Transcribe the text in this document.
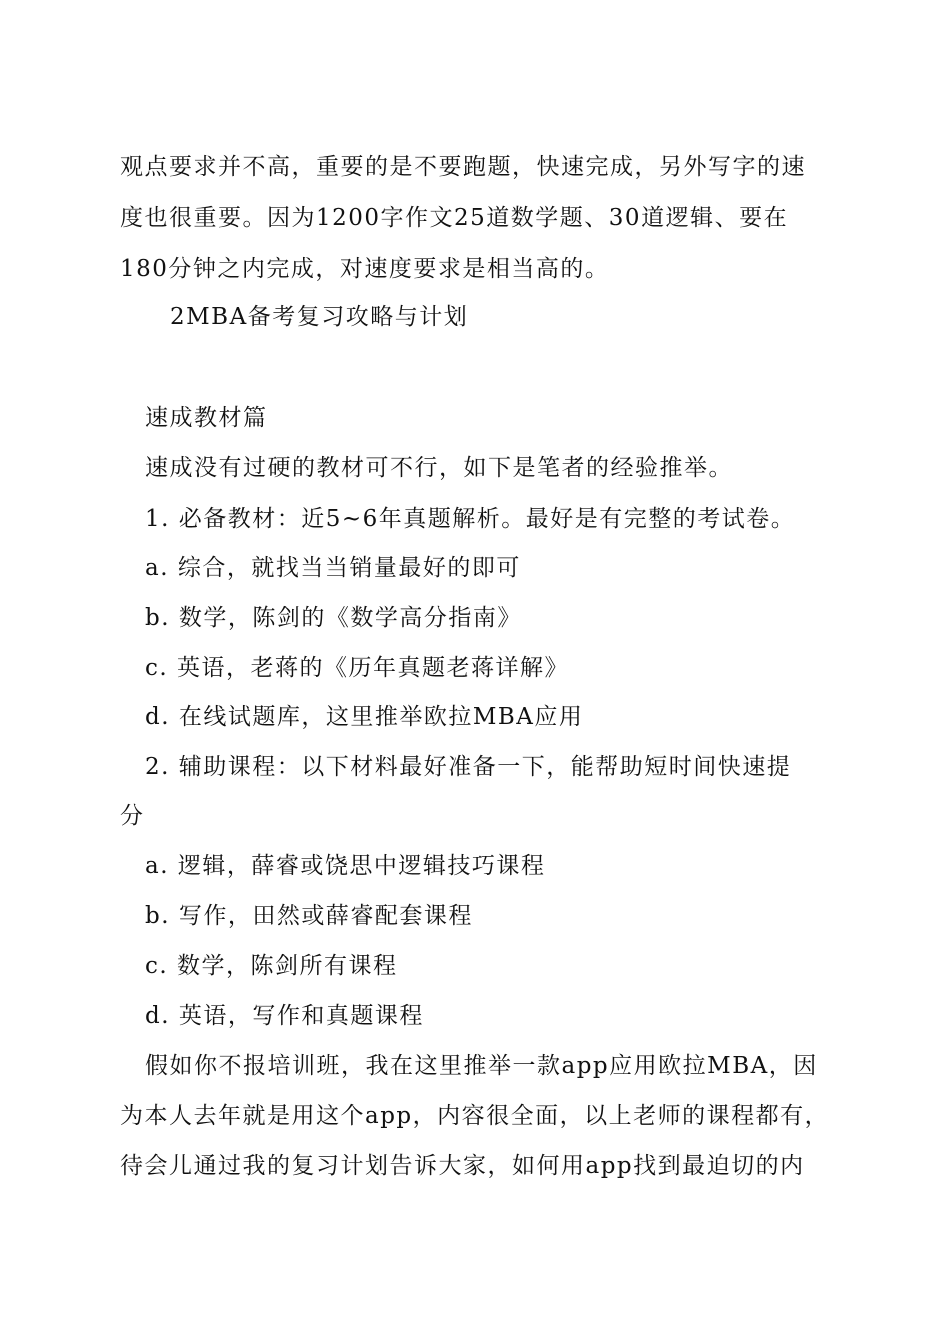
观点要求并不高，重要的是不要跑题，快速完成，另外写字的速
度也很重要。因为1200字作文25道数学题、30道逻辑、要在
180分钟之内完成，对速度要求是相当高的。
2MBA备考复习攻略与计划
速成教材篇
速成没有过硬的教材可不行，如下是笔者的经验推举。
1. 必备教材：近5~6年真题解析。最好是有完整的考试卷。
a. 综合，就找当当销量最好的即可
b. 数学，陈剑的《数学高分指南》
c. 英语，老蒋的《历年真题老蒋详解》
d. 在线试题库，这里推举欧拉MBA应用
2. 辅助课程：以下材料最好准备一下，能帮助短时间快速提
分
a. 逻辑，薛睿或饶思中逻辑技巧课程
b. 写作，田然或薛睿配套课程
c. 数学，陈剑所有课程
d. 英语，写作和真题课程
假如你不报培训班，我在这里推举一款app应用欧拉MBA，因
为本人去年就是用这个app，内容很全面，以上老师的课程都有，
待会儿通过我的复习计划告诉大家，如何用app找到最迫切的内
